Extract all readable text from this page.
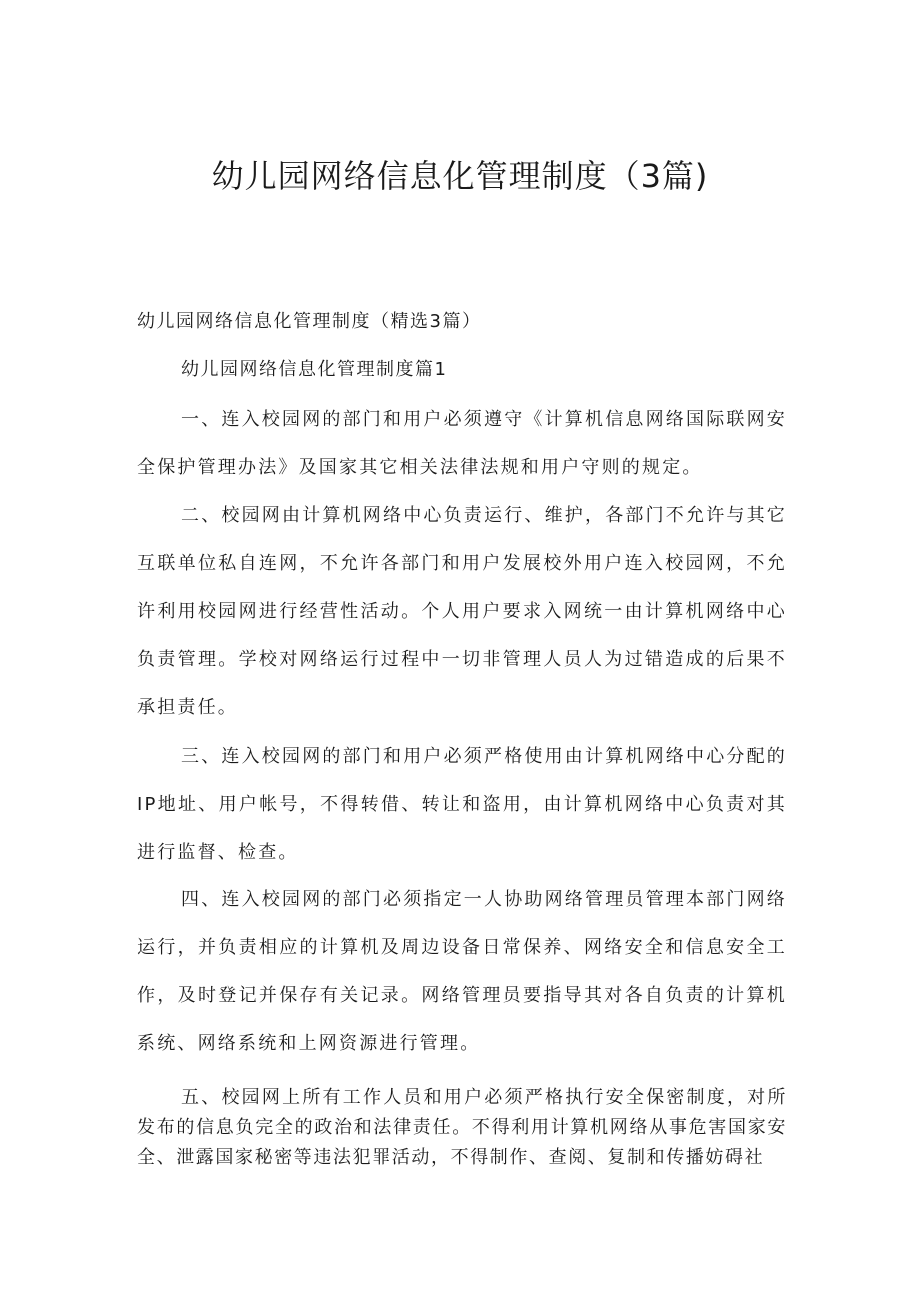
幼儿园网络信息化管理制度（3篇)

幼儿园网络信息化管理制度（精选3篇）

幼儿园网络信息化管理制度篇1

一、连入校园网的部门和用户必须遵守《计算机信息网络国际联网安全保护管理办法》及国家其它相关法律法规和用户守则的规定。

二、校园网由计算机网络中心负责运行、维护，各部门不允许与其它互联单位私自连网，不允许各部门和用户发展校外用户连入校园网，不允许利用校园网进行经营性活动。个人用户要求入网统一由计算机网络中心负责管理。学校对网络运行过程中一切非管理人员人为过错造成的后果不承担责任。

三、连入校园网的部门和用户必须严格使用由计算机网络中心分配的IP地址、用户帐号，不得转借、转让和盗用，由计算机网络中心负责对其进行监督、检查。

四、连入校园网的部门必须指定一人协助网络管理员管理本部门网络运行，并负责相应的计算机及周边设备日常保养、网络安全和信息安全工作，及时登记并保存有关记录。网络管理员要指导其对各自负责的计算机系统、网络系统和上网资源进行管理。

五、校园网上所有工作人员和用户必须严格执行安全保密制度，对所发布的信息负完全的政治和法律责任。不得利用计算机网络从事危害国家安全、泄露国家秘密等违法犯罪活动，不得制作、查阅、复制和传播妨碍社
